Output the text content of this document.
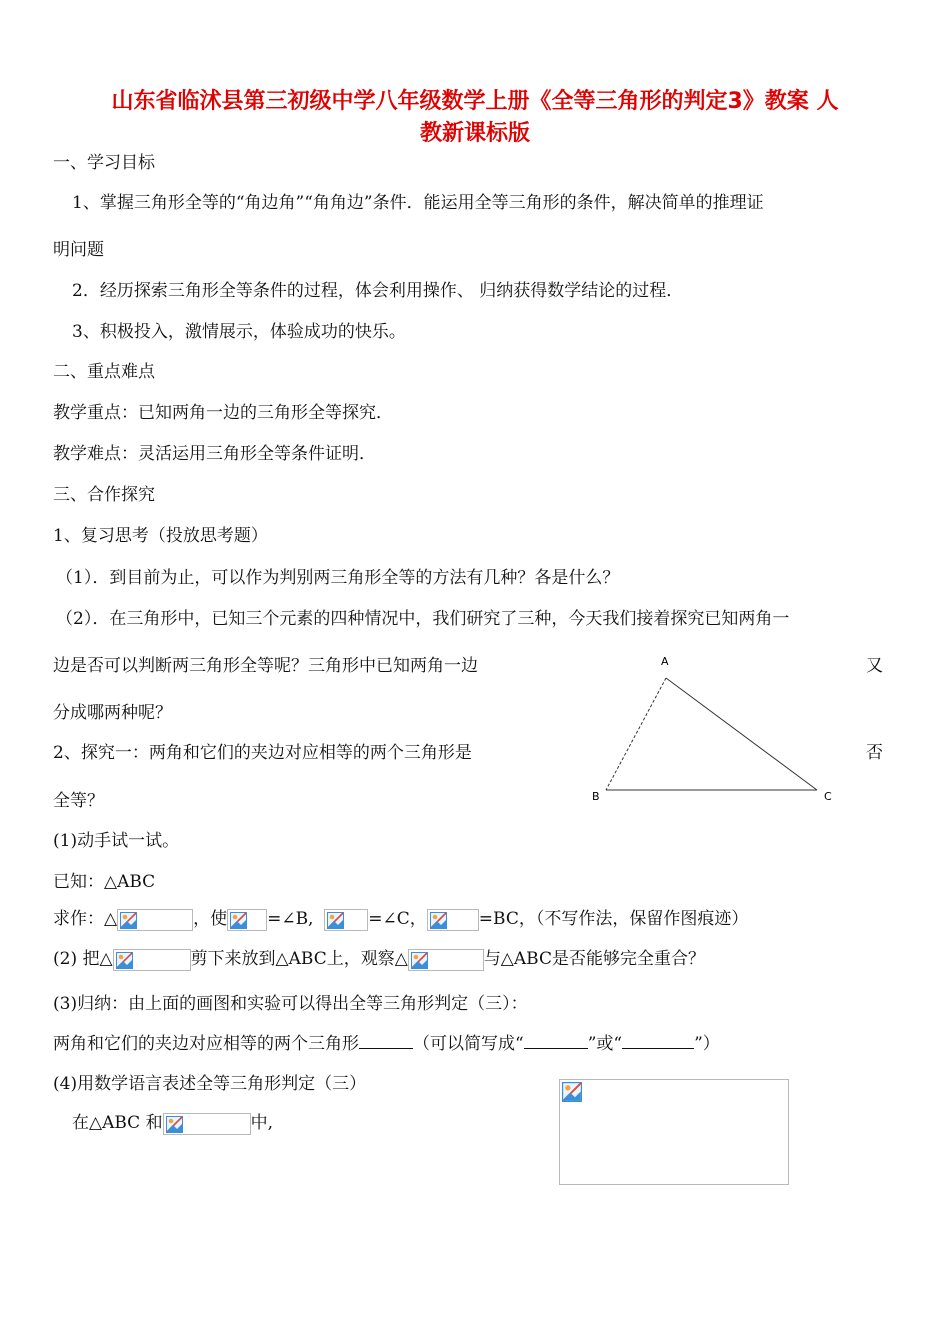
山东省临沭县第三初级中学八年级数学上册《全等三角形的判定3》教案 人
教新课标版
一、学习目标
1、掌握三角形全等的“角边角”“角角边”条件．能运用全等三角形的条件，解决简单的推理证
明问题
2．经历探索三角形全等条件的过程，体会利用操作、 归纳获得数学结论的过程．
3、积极投入，激情展示，体验成功的快乐。
二、重点难点
教学重点：已知两角一边的三角形全等探究．
教学难点：灵活运用三角形全等条件证明．
三、合作探究
1、复习思考（投放思考题）
（1）．到目前为止，可以作为判别两三角形全等的方法有几种？各是什么？
（2）．在三角形中，已知三个元素的四种情况中，我们研究了三种，今天我们接着探究已知两角一
边是否可以判断两三角形全等呢？三角形中已知两角一边	又
分成哪两种呢？
2、探究一：两角和它们的夹边对应相等的两个三角形是	否
全等？
A
B	C
(1)动手试一试。
已知：△ABC
求作：△	，使 =∠B,	=∠C，	=BC，（不写作法，保留作图痕迹）
(2) 把△	剪下来放到△ABC上，观察△	与△ABC是否能够完全重合？
(3)归纳：由上面的画图和实验可以得出全等三角形判定（三）：
两角和它们的夹边对应相等的两个三角形	（可以简写成“	”或“	”）
(4)用数学语言表述全等三角形判定（三）
在△ABC 和	中,
